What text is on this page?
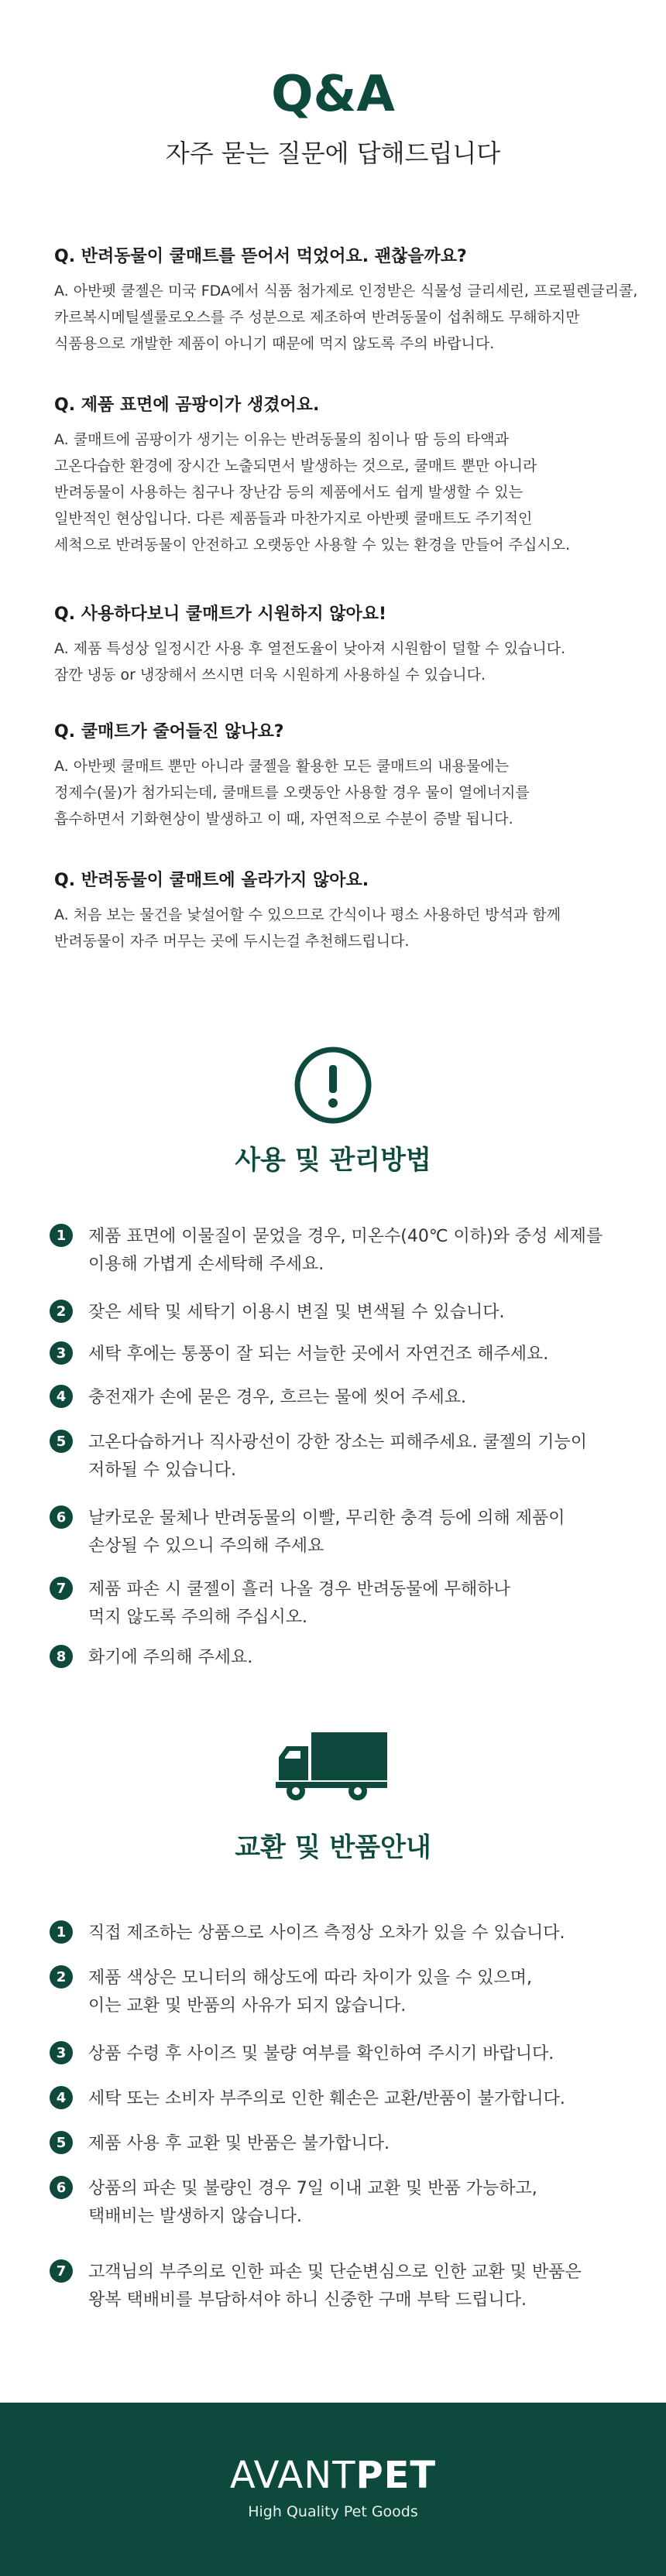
Q&A
자주 묻는 질문에 답해드립니다

Q. 반려동물이 쿨매트를 뜯어서 먹었어요. 괜찮을까요?

A. 아반펫 쿨젤은 미국 FDA에서 식품 첨가제로 인정받은 식물성 글리세린, 프로필렌글리콜,
카르복시메틸셀룰로오스를 주 성분으로 제조하여 반려동물이 섭취해도 무해하지만
식품용으로 개발한 제품이 아니기 때문에 먹지 않도록 주의 바랍니다.

Q. 제품 표면에 곰팡이가 생겼어요.

A. 쿨매트에 곰팡이가 생기는 이유는 반려동물의 침이나 땀 등의 타액과
고온다습한 환경에 장시간 노출되면서 발생하는 것으로, 쿨매트 뿐만 아니라
반려동물이 사용하는 침구나 장난감 등의 제품에서도 쉽게 발생할 수 있는
일반적인 현상입니다. 다른 제품들과 마찬가지로 아반펫 쿨매트도 주기적인
세척으로 반려동물이 안전하고 오랫동안 사용할 수 있는 환경을 만들어 주십시오.

Q. 사용하다보니 쿨매트가 시원하지 않아요!

A. 제품 특성상 일정시간 사용 후 열전도율이 낮아져 시원함이 덜할 수 있습니다.
잠깐 냉동 or 냉장해서 쓰시면 더욱 시원하게 사용하실 수 있습니다.

Q. 쿨매트가 줄어들진 않나요?

A. 아반펫 쿨매트 뿐만 아니라 쿨젤을 활용한 모든 쿨매트의 내용물에는
정제수(물)가 첨가되는데, 쿨매트를 오랫동안 사용할 경우 물이 열에너지를
흡수하면서 기화현상이 발생하고 이 때, 자연적으로 수분이 증발 됩니다.

Q. 반려동물이 쿨매트에 올라가지 않아요.

A. 처음 보는 물건을 낯설어할 수 있으므로 간식이나 평소 사용하던 방석과 함께
반려동물이 자주 머무는 곳에 두시는걸 추천해드립니다.

사용 및 관리방법
1	제품 표면에 이물질이 묻었을 경우, 미온수(40℃ 이하)와 중성 세제를
이용해 가볍게 손세탁해 주세요.
2	잦은 세탁 및 세탁기 이용시 변질 및 변색될 수 있습니다.
3	세탁 후에는 통풍이 잘 되는 서늘한 곳에서 자연건조 해주세요.
4	충전재가 손에 묻은 경우, 흐르는 물에 씻어 주세요.
5	고온다습하거나 직사광선이 강한 장소는 피해주세요. 쿨젤의 기능이
저하될 수 있습니다.
6	날카로운 물체나 반려동물의 이빨, 무리한 충격 등에 의해 제품이
손상될 수 있으니 주의해 주세요
7	제품 파손 시 쿨젤이 흘러 나올 경우 반려동물에 무해하나
먹지 않도록 주의해 주십시오.
8	화기에 주의해 주세요.
교환 및 반품안내
1	직접 제조하는 상품으로 사이즈 측정상 오차가 있을 수 있습니다.
2	제품 색상은 모니터의 해상도에 따라 차이가 있을 수 있으며,
이는 교환 및 반품의 사유가 되지 않습니다.
3	상품 수령 후 사이즈 및 불량 여부를 확인하여 주시기 바랍니다.
4	세탁 또는 소비자 부주의로 인한 훼손은 교환/반품이 불가합니다.
5	제품 사용 후 교환 및 반품은 불가합니다.
6	상품의 파손 및 불량인 경우 7일 이내 교환 및 반품 가능하고,
택배비는 발생하지 않습니다.
7	고객님의 부주의로 인한 파손 및 단순변심으로 인한 교환 및 반품은
왕복 택배비를 부담하셔야 하니 신중한 구매 부탁 드립니다.
AVANTPET
High Quality Pet Goods
